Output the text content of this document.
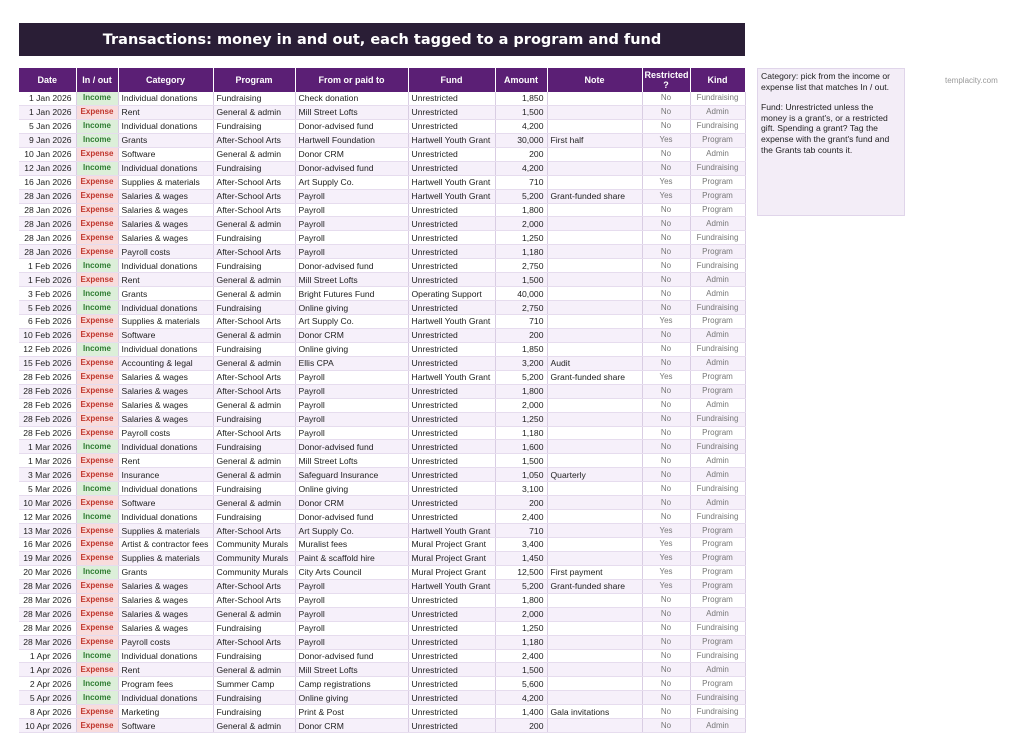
Transactions: money in and out, each tagged to a program and fund
Date	In / out	Category	Program	From or paid to	Fund	Amount	Note	Restricted ?	Kind
1 Jan 2026	Income	Individual donations	Fundraising	Check donation	Unrestricted	1,850		No	Fundraising
1 Jan 2026	Expense	Rent	General & admin	Mill Street Lofts	Unrestricted	1,500		No	Admin
5 Jan 2026	Income	Individual donations	Fundraising	Donor-advised fund	Unrestricted	4,200		No	Fundraising
9 Jan 2026	Income	Grants	After-School Arts	Hartwell Foundation	Hartwell Youth Grant	30,000	First half	Yes	Program
10 Jan 2026	Expense	Software	General & admin	Donor CRM	Unrestricted	200		No	Admin
12 Jan 2026	Income	Individual donations	Fundraising	Donor-advised fund	Unrestricted	4,200		No	Fundraising
16 Jan 2026	Expense	Supplies & materials	After-School Arts	Art Supply Co.	Hartwell Youth Grant	710		Yes	Program
28 Jan 2026	Expense	Salaries & wages	After-School Arts	Payroll	Hartwell Youth Grant	5,200	Grant-funded share	Yes	Program
28 Jan 2026	Expense	Salaries & wages	After-School Arts	Payroll	Unrestricted	1,800		No	Program
28 Jan 2026	Expense	Salaries & wages	General & admin	Payroll	Unrestricted	2,000		No	Admin
28 Jan 2026	Expense	Salaries & wages	Fundraising	Payroll	Unrestricted	1,250		No	Fundraising
28 Jan 2026	Expense	Payroll costs	After-School Arts	Payroll	Unrestricted	1,180		No	Program
1 Feb 2026	Income	Individual donations	Fundraising	Donor-advised fund	Unrestricted	2,750		No	Fundraising
1 Feb 2026	Expense	Rent	General & admin	Mill Street Lofts	Unrestricted	1,500		No	Admin
3 Feb 2026	Income	Grants	General & admin	Bright Futures Fund	Operating Support	40,000		No	Admin
5 Feb 2026	Income	Individual donations	Fundraising	Online giving	Unrestricted	2,750		No	Fundraising
6 Feb 2026	Expense	Supplies & materials	After-School Arts	Art Supply Co.	Hartwell Youth Grant	710		Yes	Program
10 Feb 2026	Expense	Software	General & admin	Donor CRM	Unrestricted	200		No	Admin
12 Feb 2026	Income	Individual donations	Fundraising	Online giving	Unrestricted	1,850		No	Fundraising
15 Feb 2026	Expense	Accounting & legal	General & admin	Ellis CPA	Unrestricted	3,200	Audit	No	Admin
28 Feb 2026	Expense	Salaries & wages	After-School Arts	Payroll	Hartwell Youth Grant	5,200	Grant-funded share	Yes	Program
28 Feb 2026	Expense	Salaries & wages	After-School Arts	Payroll	Unrestricted	1,800		No	Program
28 Feb 2026	Expense	Salaries & wages	General & admin	Payroll	Unrestricted	2,000		No	Admin
28 Feb 2026	Expense	Salaries & wages	Fundraising	Payroll	Unrestricted	1,250		No	Fundraising
28 Feb 2026	Expense	Payroll costs	After-School Arts	Payroll	Unrestricted	1,180		No	Program
1 Mar 2026	Income	Individual donations	Fundraising	Donor-advised fund	Unrestricted	1,600		No	Fundraising
1 Mar 2026	Expense	Rent	General & admin	Mill Street Lofts	Unrestricted	1,500		No	Admin
3 Mar 2026	Expense	Insurance	General & admin	Safeguard Insurance	Unrestricted	1,050	Quarterly	No	Admin
5 Mar 2026	Income	Individual donations	Fundraising	Online giving	Unrestricted	3,100		No	Fundraising
10 Mar 2026	Expense	Software	General & admin	Donor CRM	Unrestricted	200		No	Admin
12 Mar 2026	Income	Individual donations	Fundraising	Donor-advised fund	Unrestricted	2,400		No	Fundraising
13 Mar 2026	Expense	Supplies & materials	After-School Arts	Art Supply Co.	Hartwell Youth Grant	710		Yes	Program
16 Mar 2026	Expense	Artist & contractor fees	Community Murals	Muralist fees	Mural Project Grant	3,400		Yes	Program
19 Mar 2026	Expense	Supplies & materials	Community Murals	Paint & scaffold hire	Mural Project Grant	1,450		Yes	Program
20 Mar 2026	Income	Grants	Community Murals	City Arts Council	Mural Project Grant	12,500	First payment	Yes	Program
28 Mar 2026	Expense	Salaries & wages	After-School Arts	Payroll	Hartwell Youth Grant	5,200	Grant-funded share	Yes	Program
28 Mar 2026	Expense	Salaries & wages	After-School Arts	Payroll	Unrestricted	1,800		No	Program
28 Mar 2026	Expense	Salaries & wages	General & admin	Payroll	Unrestricted	2,000		No	Admin
28 Mar 2026	Expense	Salaries & wages	Fundraising	Payroll	Unrestricted	1,250		No	Fundraising
28 Mar 2026	Expense	Payroll costs	After-School Arts	Payroll	Unrestricted	1,180		No	Program
1 Apr 2026	Income	Individual donations	Fundraising	Donor-advised fund	Unrestricted	2,400		No	Fundraising
1 Apr 2026	Expense	Rent	General & admin	Mill Street Lofts	Unrestricted	1,500		No	Admin
2 Apr 2026	Income	Program fees	Summer Camp	Camp registrations	Unrestricted	5,600		No	Program
5 Apr 2026	Income	Individual donations	Fundraising	Online giving	Unrestricted	4,200		No	Fundraising
8 Apr 2026	Expense	Marketing	Fundraising	Print & Post	Unrestricted	1,400	Gala invitations	No	Fundraising
10 Apr 2026	Expense	Software	General & admin	Donor CRM	Unrestricted	200		No	Admin

Category: pick from the income or expense list that matches In / out.

Fund: Unrestricted unless the money is a grant's, or a restricted gift. Spending a grant? Tag the expense with the grant's fund and the Grants tab counts it.

templacity.com
